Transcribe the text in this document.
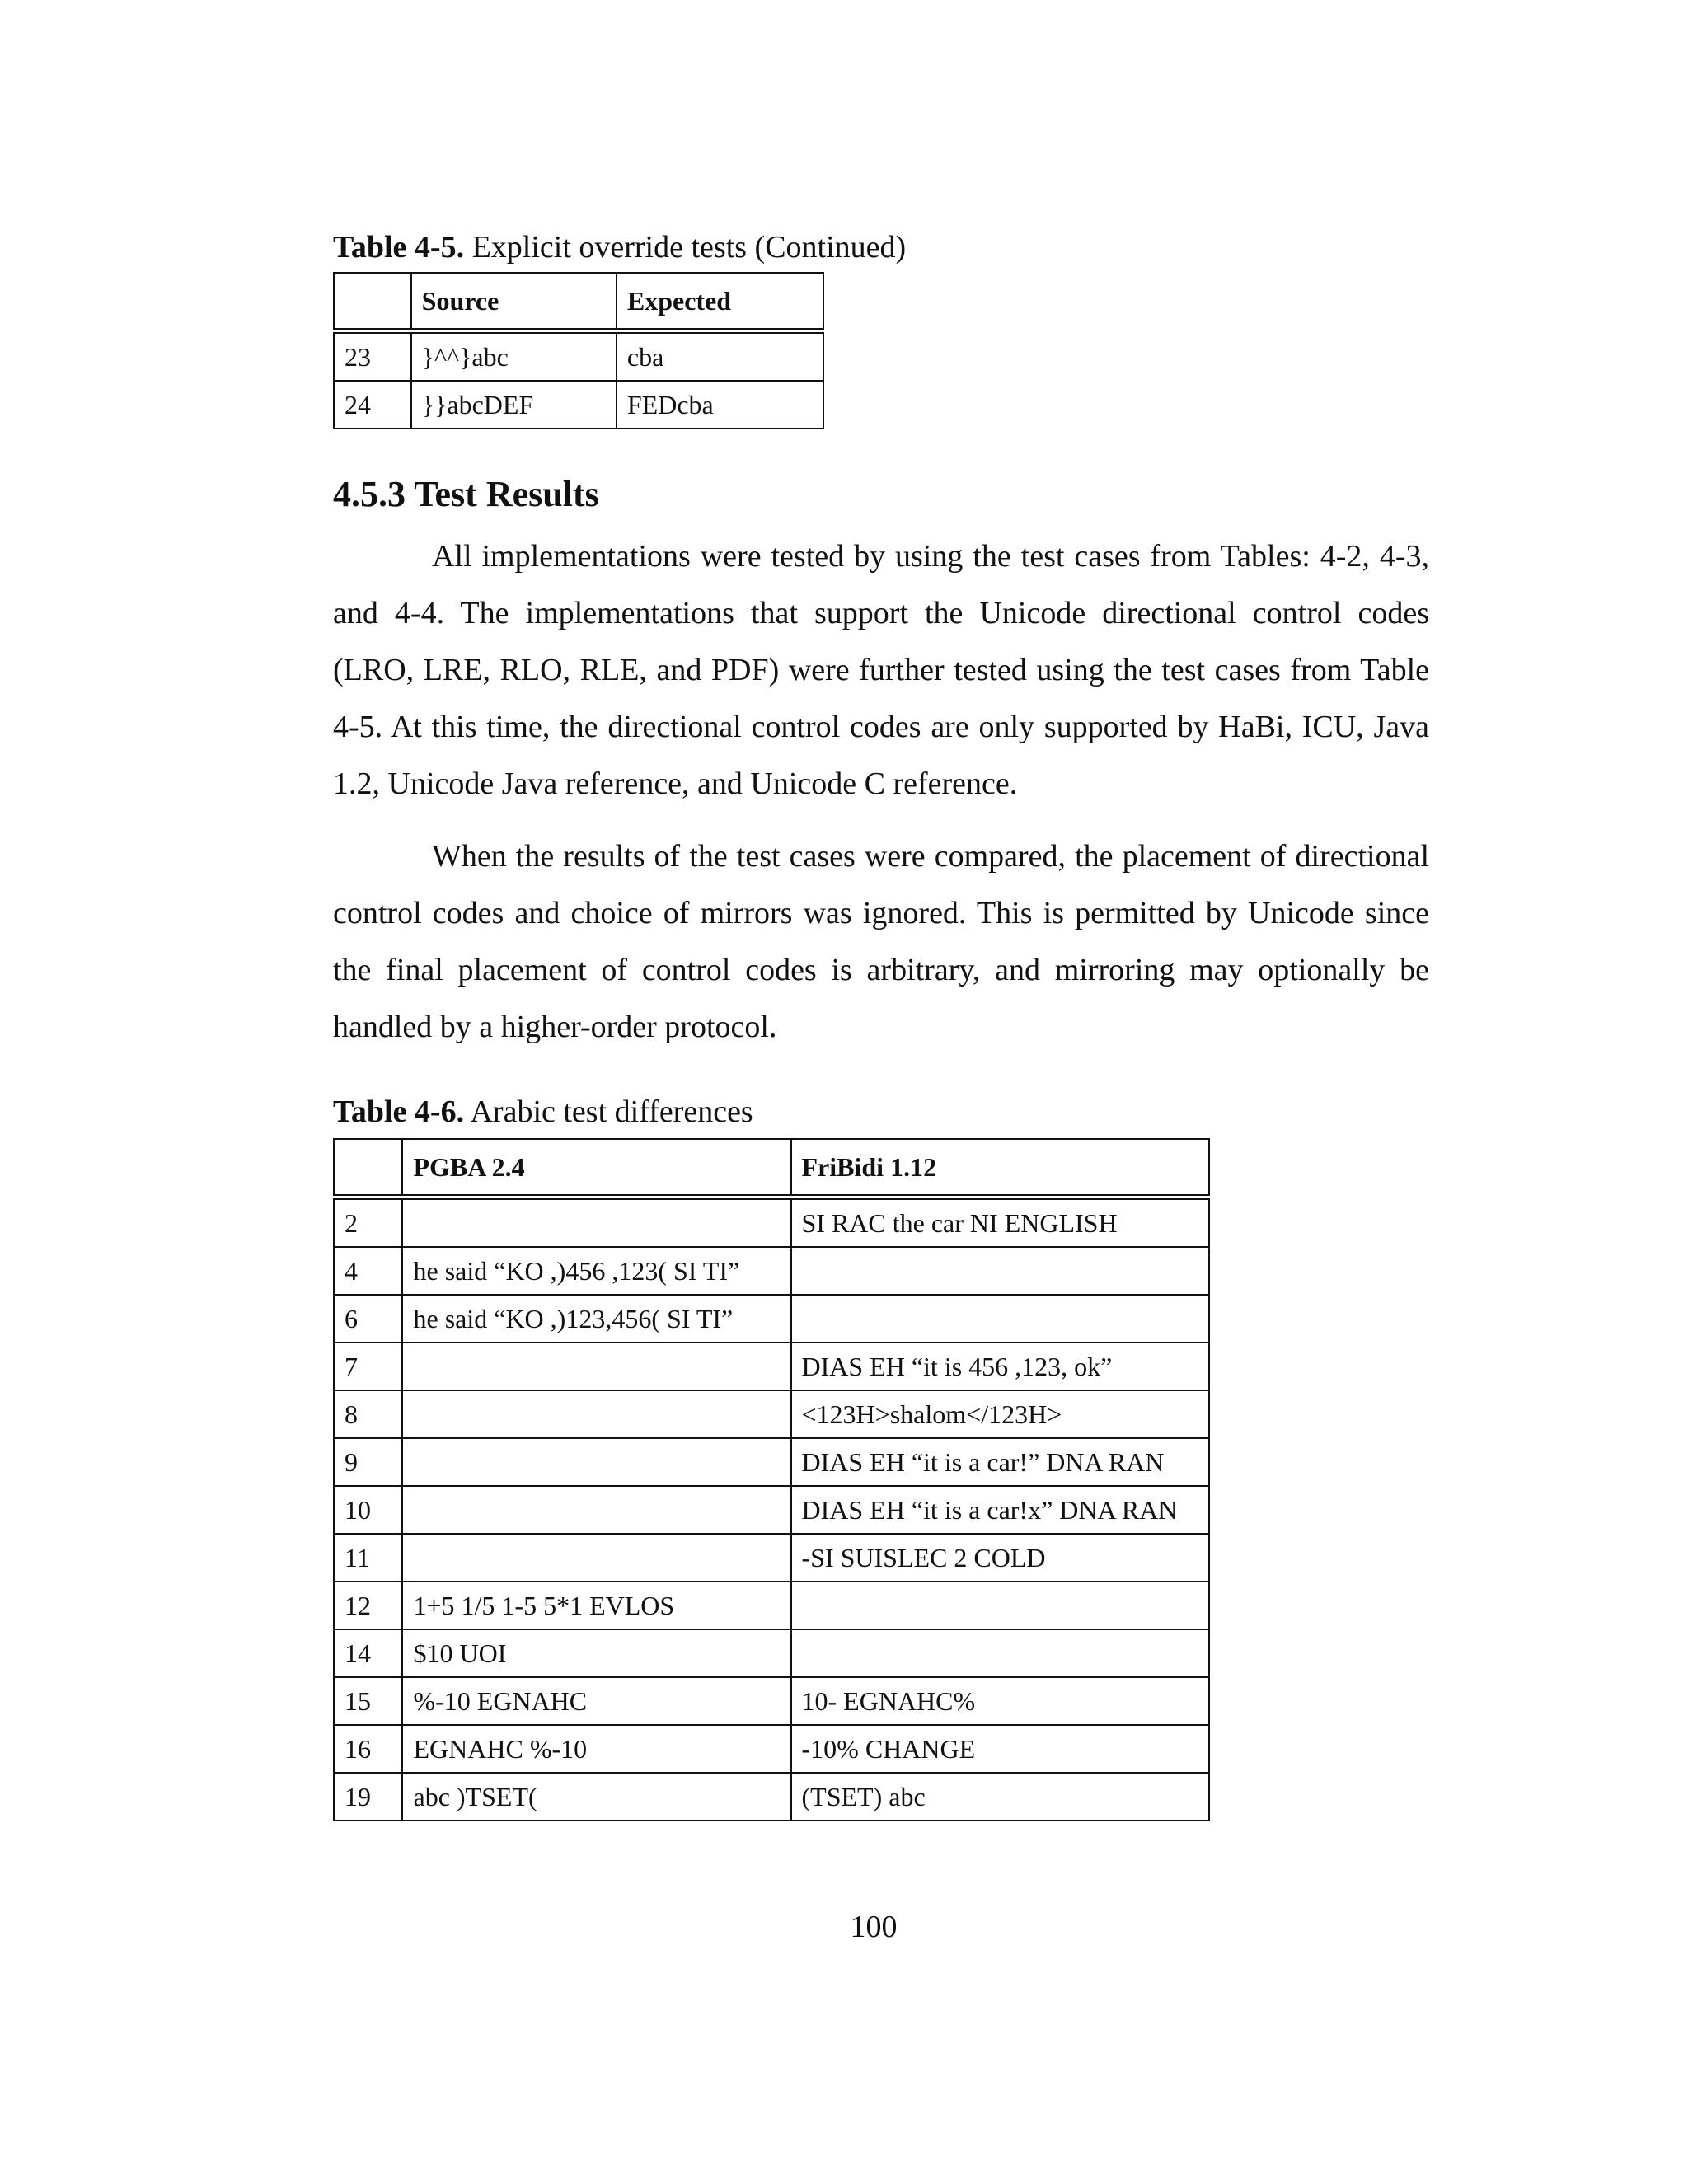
Table 4-5. Explicit override tests (Continued)
	Source	Expected
23	}^^}abc	cba
24	}}abcDEF	FEDcba
4.5.3 Test Results

All implementations were tested by using the test cases from Tables: 4-2, 4-3, and 4-4. The implementations that support the Unicode directional control codes (LRO, LRE, RLO, RLE, and PDF) were further tested using the test cases from Table 4-5. At this time, the directional control codes are only supported by HaBi, ICU, Java 1.2, Unicode Java reference, and Unicode C reference.

When the results of the test cases were compared, the placement of directional control codes and choice of mirrors was ignored. This is permitted by Unicode since the final placement of control codes is arbitrary, and mirroring may optionally be handled by a higher-order protocol.

Table 4-6. Arabic test differences
	PGBA 2.4	FriBidi 1.12
2		SI RAC the car NI ENGLISH
4	he said “KO ,)456 ,123( SI TI”	
6	he said “KO ,)123,456( SI TI”	
7		DIAS EH “it is 456 ,123, ok”
8		<123H>shalom</123H>
9		DIAS EH “it is a car!” DNA RAN
10		DIAS EH “it is a car!x” DNA RAN
11		-SI SUISLEC 2 COLD
12	1+5 1/5 1-5 5*1 EVLOS	
14	$10 UOI	
15	%-10 EGNAHC	10- EGNAHC%
16	EGNAHC %-10	-10% CHANGE
19	abc )TSET(	(TSET) abc
100
